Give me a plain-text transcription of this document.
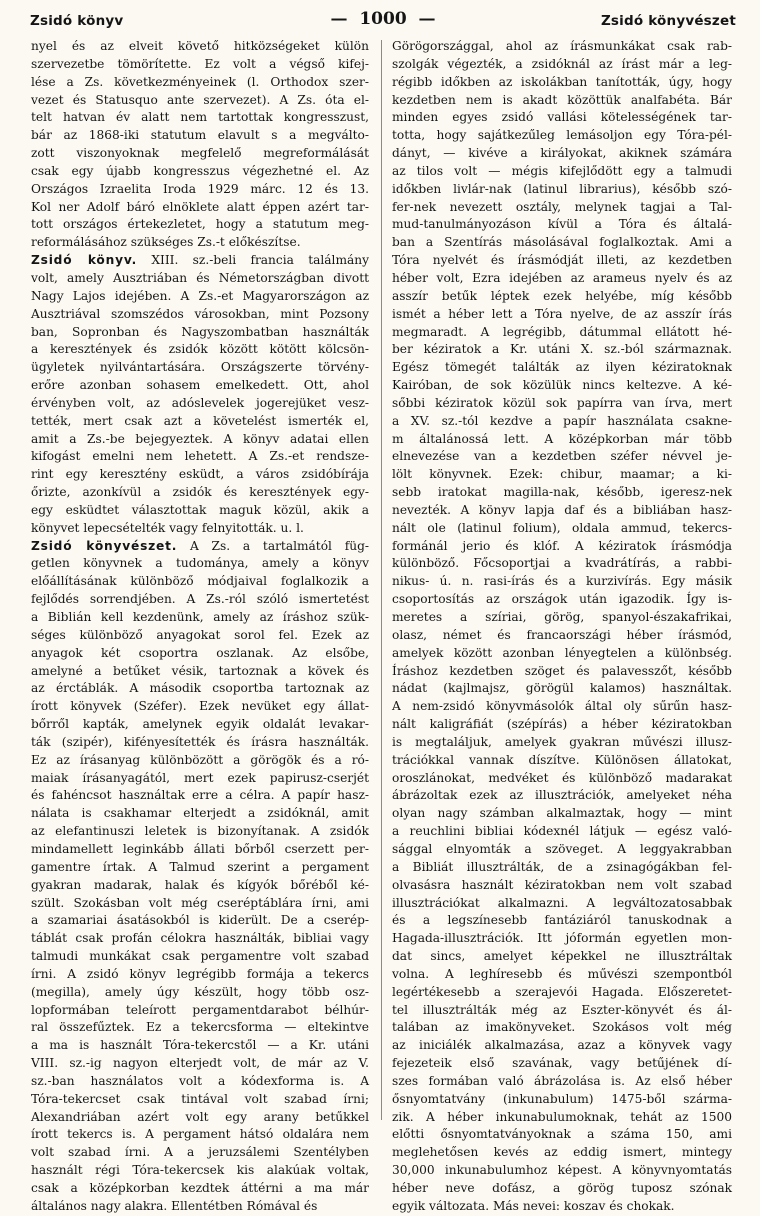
Zsidó könyv	—  1000  —	Zsidó könyvészet
nyel és az elveit követő hitközségeket külön
szervezetbe tömörítette. Ez volt a végső kifej-
lése a Zs. következményeinek (l. Orthodox szer-
vezet és Statusquo ante szervezet). A Zs. óta el-
telt hatvan év alatt nem tartottak kongresszust,
bár az 1868-iki statutum elavult s a megválto-
zott viszonyoknak megfelelő megreformálását
csak egy újabb kongresszus végezhetné el. Az
Országos Izraelita Iroda 1929 márc. 12 és 13.
Kol ner Adolf báró elnöklete alatt éppen azért tar-
tott országos értekezletet, hogy a statutum meg-
reformálásához szükséges Zs.-t előkészítse.
Zsidó könyv. XIII. sz.-beli francia találmány
volt, amely Ausztriában és Németországban divott
Nagy Lajos idejében. A Zs.-et Magyarországon az
Ausztriával szomszédos városokban, mint Pozsony
ban, Sopronban és Nagyszombatban használták
a keresztények és zsidók között kötött kölcsön-
ügyletek nyilvántartására. Országszerte törvény-
erőre azonban sohasem emelkedett. Ott, ahol
érvényben volt, az adóslevelek jogerejüket vesz-
tették, mert csak azt a követelést ismerték el,
amit a Zs.-be bejegyeztek. A könyv adatai ellen
kifogást emelni nem lehetett. A Zs.-et rendsze-
rint egy keresztény esküdt, a város zsidóbírája
őrizte, azonkívül a zsidók és keresztények egy-
egy esküdtet választottak maguk közül, akik a
könyvet lepecsételték vagy felnyitották. u. l.
Zsidó könyvészet. A Zs. a tartalmától füg-
getlen könyvnek a tudománya, amely a könyv
előállításának különböző módjaival foglalkozik a
fejlődés sorrendjében. A Zs.-ról szóló ismertetést
a Biblián kell kezdenünk, amely az íráshoz szük-
séges különböző anyagokat sorol fel. Ezek az
anyagok két csoportra oszlanak. Az elsőbe,
amelyné a betűket vésik, tartoznak a kövek és
az érctáblák. A második csoportba tartoznak az
írott könyvek (Széfer). Ezek nevüket egy állat-
bőrről kapták, amelynek egyik oldalát levakar-
ták (szipér), kifényesítették és írásra használták.
Ez az írásanyag különbözött a görögök és a ró-
maiak írásanyagától, mert ezek papirusz-cserjét
és fahéncsot használtak erre a célra. A papír hasz-
nálata is csakhamar elterjedt a zsidóknál, amit
az elefantinuszi leletek is bizonyítanak. A zsidók
mindamellett leginkább állati bőrből cserzett per-
gamentre írtak. A Talmud szerint a pergament
gyakran madarak, halak és kígyók bőréből ké-
szült. Szokásban volt még cseréptáblára írni, ami
a szamariai ásatásokból is kiderült. De a cserép-
táblát csak profán célokra használták, bibliai vagy
talmudi munkákat csak pergamentre volt szabad
írni. A zsidó könyv legrégibb formája a tekercs
(megilla), amely úgy készült, hogy több osz-
lopformában teleírott pergamentdarabot bélhúr-
ral összefűztek. Ez a tekercsforma — eltekintve
a ma is használt Tóra-tekercstől — a Kr. utáni
VIII. sz.-ig nagyon elterjedt volt, de már az V.
sz.-ban használatos volt a kódexforma is. A
Tóra-tekercset csak tintával volt szabad írni;
Alexandriában azért volt egy arany betűkkel
írott tekercs is. A pergament hátsó oldalára nem
volt szabad írni. A a jeruzsálemi Szentélyben
használt régi Tóra-tekercsek kis alakúak voltak,
csak a középkorban kezdtek áttérni a ma már
általános nagy alakra. Ellentétben Rómával és
Görögországgal, ahol az írásmunkákat csak rab-
szolgák végezték, a zsidóknál az írást már a leg-
régibb időkben az iskolákban tanították, úgy, hogy
kezdetben nem is akadt közöttük analfabéta. Bár
minden egyes zsidó vallási kötelességének tar-
totta, hogy sajátkezűleg lemásoljon egy Tóra-pél-
dányt, — kivéve a királyokat, akiknek számára
az tilos volt — mégis kifejlődött egy a talmudi
időkben livlár-nak (latinul librarius), később szó-
fer-nek nevezett osztály, melynek tagjai a Tal-
mud-tanulmányozáson kívül a Tóra és általá-
ban a Szentírás másolásával foglalkoztak. Ami a
Tóra nyelvét és írásmódját illeti, az kezdetben
héber volt, Ezra idejében az arameus nyelv és az
asszír betűk léptek ezek helyébe, míg később
ismét a héber lett a Tóra nyelve, de az asszír írás
megmaradt. A legrégibb, dátummal ellátott hé-
ber kéziratok a Kr. utáni X. sz.-ból származnak.
Egész tömegét találták az ilyen kéziratoknak
Kairóban, de sok közülük nincs keltezve. A ké-
sőbbi kéziratok közül sok papírra van írva, mert
a XV. sz.-tól kezdve a papír használata csakne-
m általánossá lett. A középkorban már több
elnevezése van a kezdetben széfer névvel je-
lölt könyvnek. Ezek: chibur, maamar; a ki-
sebb iratokat magilla-nak, később, igeresz-nek
nevezték. A könyv lapja daf és a bibliában hasz-
nált ole (latinul folium), oldala ammud, tekercs-
formánál jerio és klóf. A kéziratok írásmódja
különböző. Főcsoportjai a kvadrátírás, a rabbi-
nikus- ú. n. rasi-írás és a kurzivírás. Egy másik
csoportosítás az országok után igazodik. Így is-
meretes a szíriai, görög, spanyol-északafrikai,
olasz, német és francaországi héber írásmód,
amelyek között azonban lényegtelen a különbség.
Íráshoz kezdetben szöget és palavesszőt, később
nádat (kajlmajsz, görögül kalamos) használtak.
A nem-zsidó könyvmásolók által oly sűrűn hasz-
nált kaligráfiát (szépírás) a héber kéziratokban
is megtaláljuk, amelyek gyakran művészi illusz-
trációkkal vannak díszítve. Különösen állatokat,
oroszlánokat, medvéket és különböző madarakat
ábrázoltak ezek az illusztrációk, amelyeket néha
olyan nagy számban alkalmaztak, hogy — mint
a reuchlini bibliai kódexnél látjuk — egész való-
sággal elnyomták a szöveget. A leggyakrabban
a Bibliát illusztrálták, de a zsinagógákban fel-
olvasásra használt kéziratokban nem volt szabad
illusztrációkat alkalmazni. A legváltozatosabbak
és a legszínesebb fantáziáról tanuskodnak a
Hagada-illusztrációk. Itt jóformán egyetlen mon-
dat sincs, amelyet képekkel ne illusztráltak
volna. A leghíresebb és művészi szempontból
legértékesebb a szerajevói Hagada. Előszeretet-
tel illusztrálták még az Eszter-könyvét és ál-
talában az imakönyveket. Szokásos volt még
az iniciálék alkalmazása, azaz a könyvek vagy
fejezeteik első szavának, vagy betűjének dí-
szes formában való ábrázolása is. Az első héber
ősnyomtatvány (inkunabulum) 1475-ből szárma-
zik. A héber inkunabulumoknak, tehát az 1500
előtti ősnyomtatványoknak a száma 150, ami
meglehetősen kevés az eddig ismert, mintegy
30,000 inkunabulumhoz képest. A könyvnyomtatás
héber neve dofász, a görög tuposz szónak
egyik változata. Más nevei: koszav és chokak.
